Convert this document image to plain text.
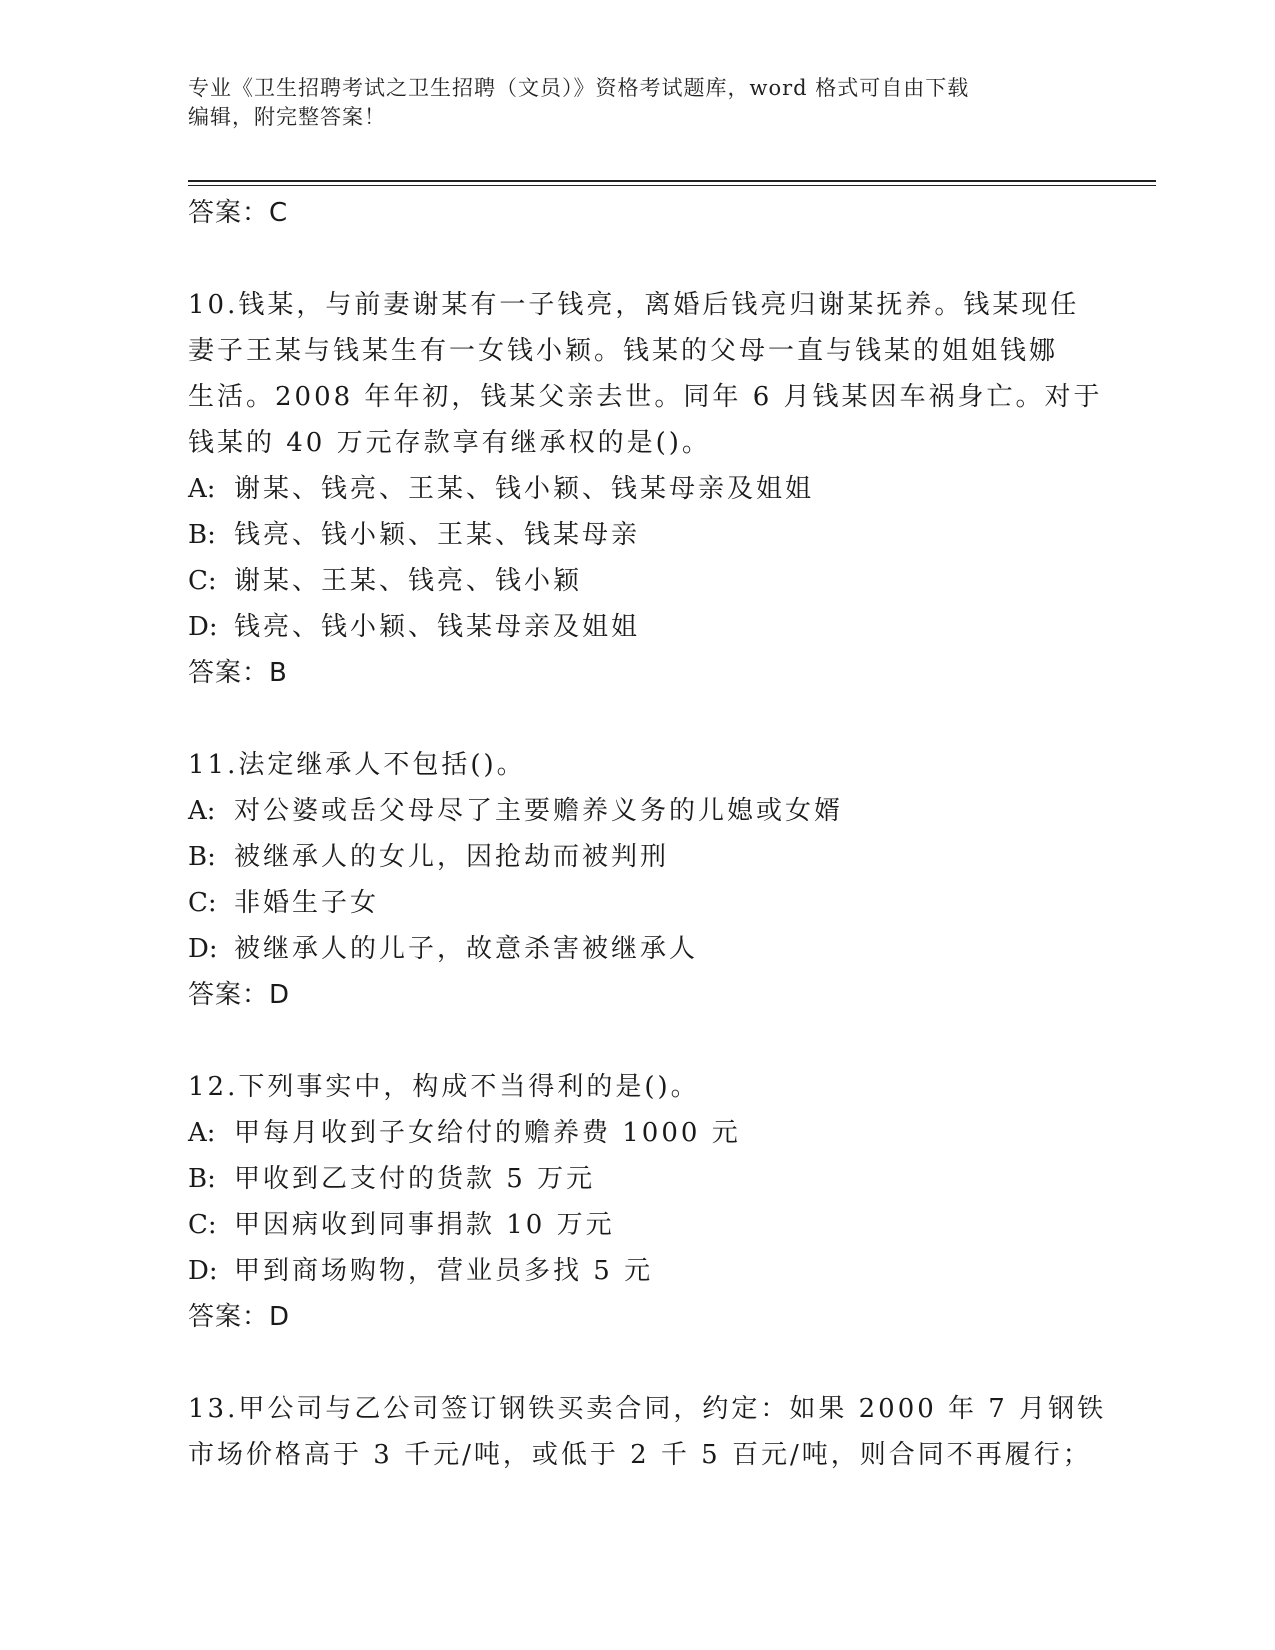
专业《卫生招聘考试之卫生招聘（文员）》资格考试题库，word 格式可自由下载
编辑，附完整答案！
答案：C
10.钱某，与前妻谢某有一子钱亮，离婚后钱亮归谢某抚养。钱某现任
妻子王某与钱某生有一女钱小颖。钱某的父母一直与钱某的姐姐钱娜
生活。2008 年年初，钱某父亲去世。同年 6 月钱某因车祸身亡。对于
钱某的 40 万元存款享有继承权的是()。
A: 谢某、钱亮、王某、钱小颖、钱某母亲及姐姐
B: 钱亮、钱小颖、王某、钱某母亲
C: 谢某、王某、钱亮、钱小颖
D: 钱亮、钱小颖、钱某母亲及姐姐
答案：B
11.法定继承人不包括()。
A: 对公婆或岳父母尽了主要赡养义务的儿媳或女婿
B: 被继承人的女儿，因抢劫而被判刑
C: 非婚生子女
D: 被继承人的儿子，故意杀害被继承人
答案：D
12.下列事实中，构成不当得利的是()。
A: 甲每月收到子女给付的赡养费 1000 元
B: 甲收到乙支付的货款 5 万元
C: 甲因病收到同事捐款 10 万元
D: 甲到商场购物，营业员多找 5 元
答案：D
13.甲公司与乙公司签订钢铁买卖合同，约定：如果 2000 年 7 月钢铁
市场价格高于 3 千元/吨，或低于 2 千 5 百元/吨，则合同不再履行；
